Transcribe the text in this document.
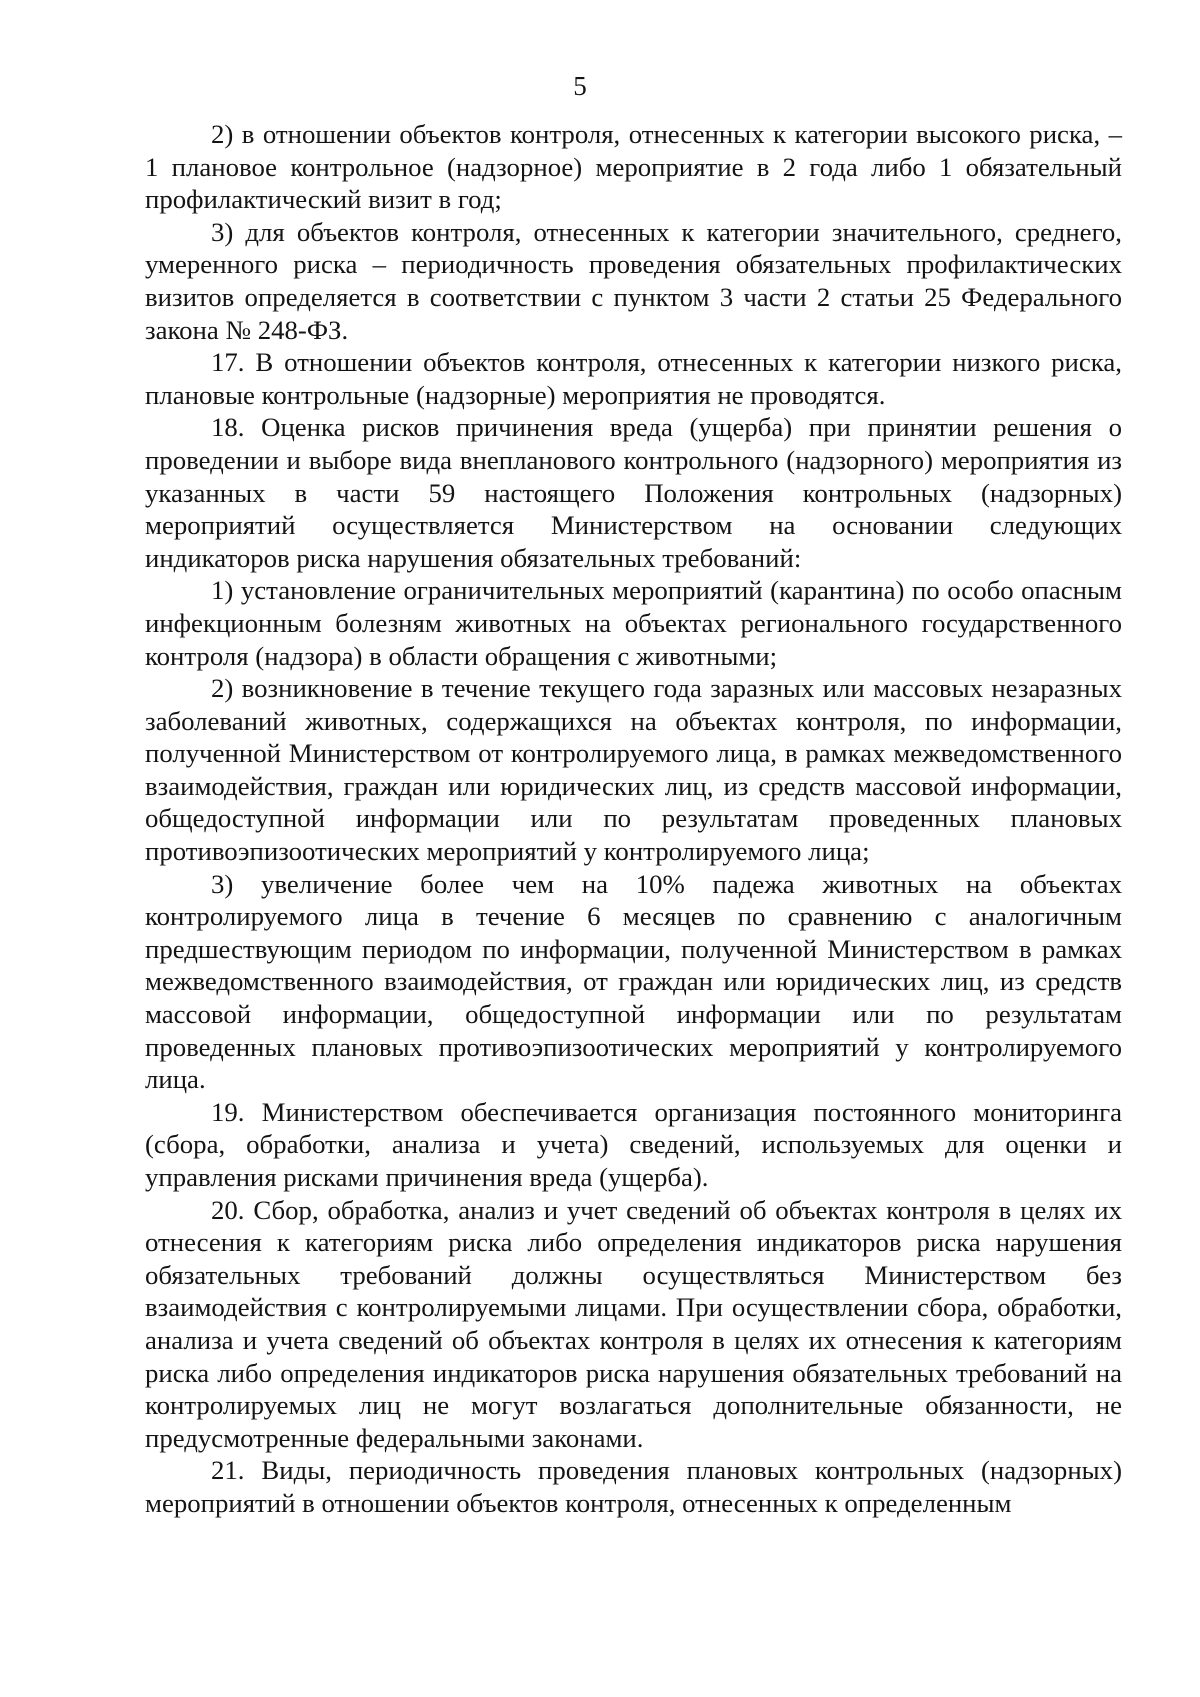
5

2) в отношении объектов контроля, отнесенных к категории высокого риска, – 1 плановое контрольное (надзорное) мероприятие в 2 года либо 1 обязательный профилактический визит в год;

3) для объектов контроля, отнесенных к категории значительного, среднего, умеренного риска – периодичность проведения обязательных профилактических визитов определяется в соответствии с пунктом 3 части 2 статьи 25 Федерального закона № 248-ФЗ.

17. В отношении объектов контроля, отнесенных к категории низкого риска, плановые контрольные (надзорные) мероприятия не проводятся.

18. Оценка рисков причинения вреда (ущерба) при принятии решения о проведении и выборе вида внепланового контрольного (надзорного) мероприятия из указанных в части 59 настоящего Положения контрольных (надзорных) мероприятий осуществляется Министерством на основании следующих индикаторов риска нарушения обязательных требований:

1) установление ограничительных мероприятий (карантина) по особо опасным инфекционным болезням животных на объектах регионального государственного контроля (надзора) в области обращения с животными;

2) возникновение в течение текущего года заразных или массовых незаразных заболеваний животных, содержащихся на объектах контроля, по информации, полученной Министерством от контролируемого лица, в рамках межведомственного взаимодействия, граждан или юридических лиц, из средств массовой информации, общедоступной информации или по результатам проведенных плановых противоэпизоотических мероприятий у контролируемого лица;

3) увеличение более чем на 10% падежа животных на объектах контролируемого лица в течение 6 месяцев по сравнению с аналогичным предшествующим периодом по информации, полученной Министерством в рамках межведомственного взаимодействия, от граждан или юридических лиц, из средств массовой информации, общедоступной информации или по результатам проведенных плановых противоэпизоотических мероприятий у контролируемого лица.

19. Министерством обеспечивается организация постоянного мониторинга (сбора, обработки, анализа и учета) сведений, используемых для оценки и управления рисками причинения вреда (ущерба).

20. Сбор, обработка, анализ и учет сведений об объектах контроля в целях их отнесения к категориям риска либо определения индикаторов риска нарушения обязательных требований должны осуществляться Министерством без взаимодействия с контролируемыми лицами. При осуществлении сбора, обработки, анализа и учета сведений об объектах контроля в целях их отнесения к категориям риска либо определения индикаторов риска нарушения обязательных требований на контролируемых лиц не могут возлагаться дополнительные обязанности, не предусмотренные федеральными законами.

21. Виды, периодичность проведения плановых контрольных (надзорных) мероприятий в отношении объектов контроля, отнесенных к определенным
